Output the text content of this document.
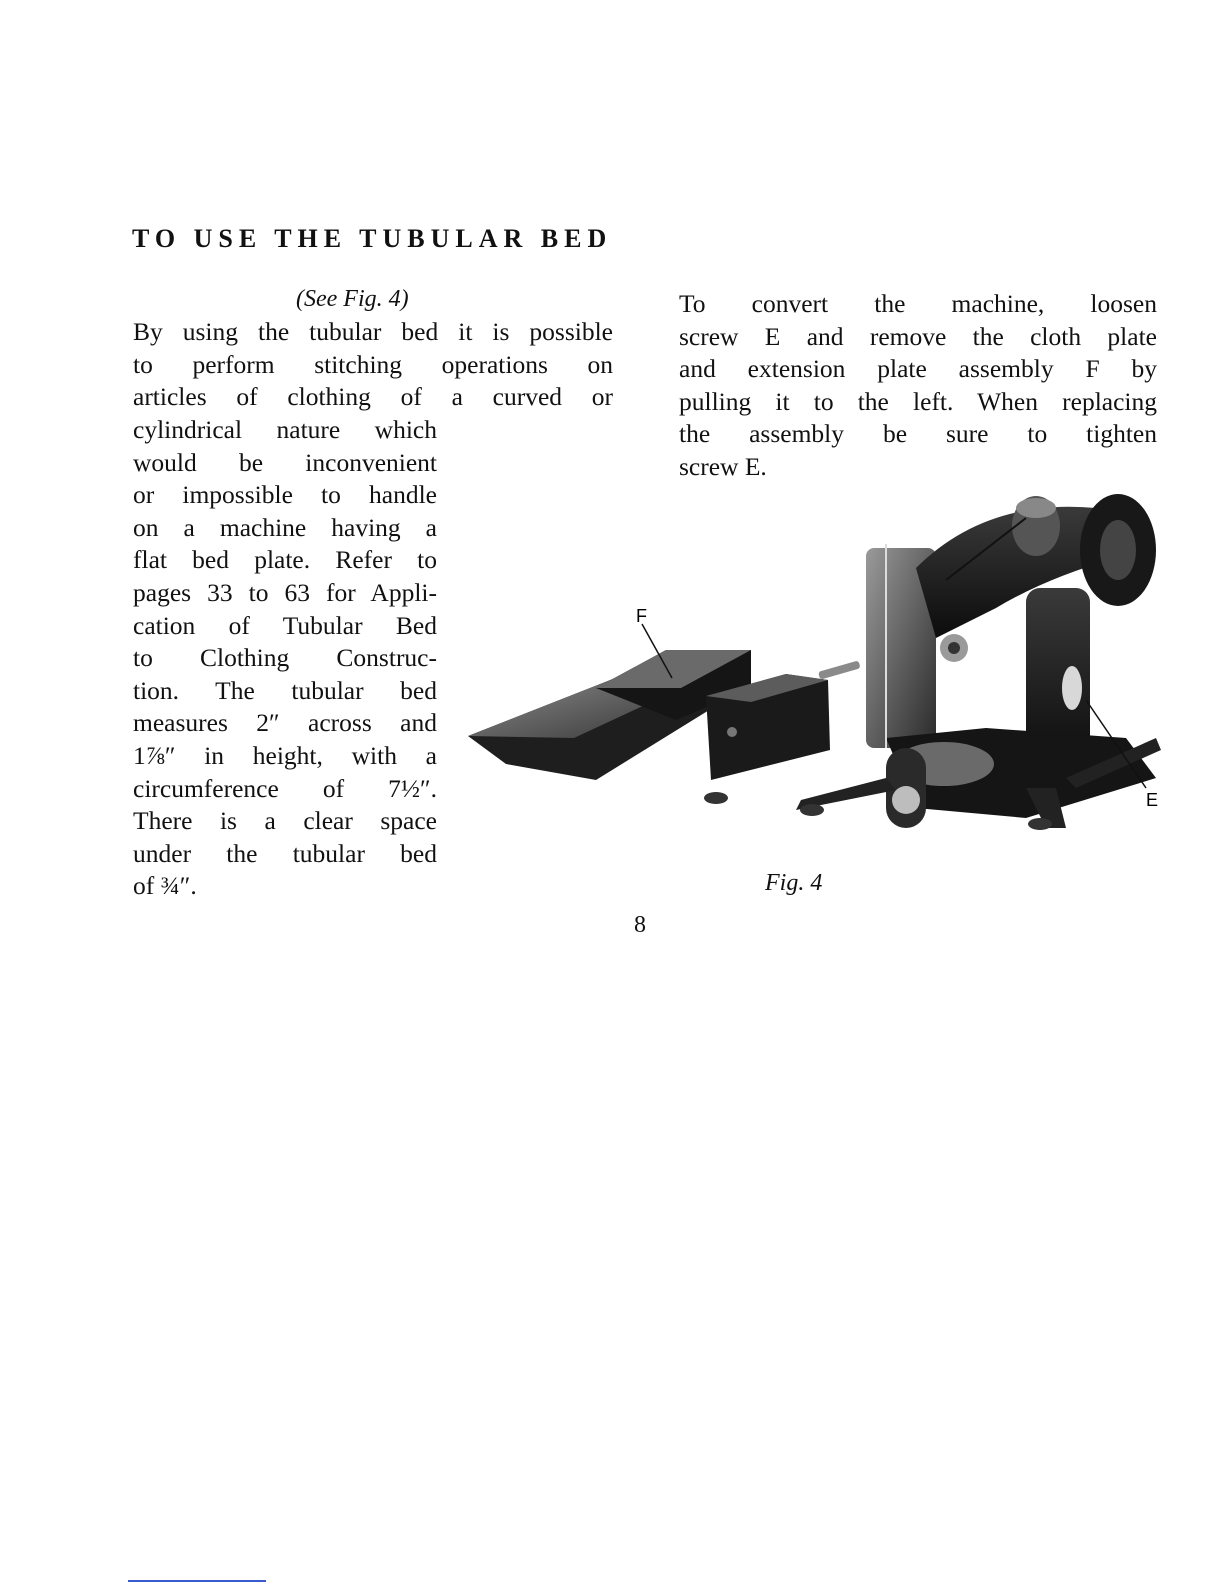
TO USE THE TUBULAR BED
(See Fig. 4)

By using the tubular bed it is possible
to perform stitching operations on
articles of clothing of a curved or

cylindrical nature which
would be inconvenient
or impossible to handle
on a machine having a
flat bed plate. Refer to
pages 33 to 63 for Appli-
cation of Tubular Bed
to Clothing Construc-
tion. The tubular bed
measures 2″ across and
1⅞″ in height, with a
circumference of 7½″.
There is a clear space
under the tubular bed
of ¾″.

To convert the machine, loosen
screw E and remove the cloth plate
and extension plate assembly F by
pulling it to the left. When replacing
the assembly be sure to tighten
screw E.

F
E
Fig. 4
8
